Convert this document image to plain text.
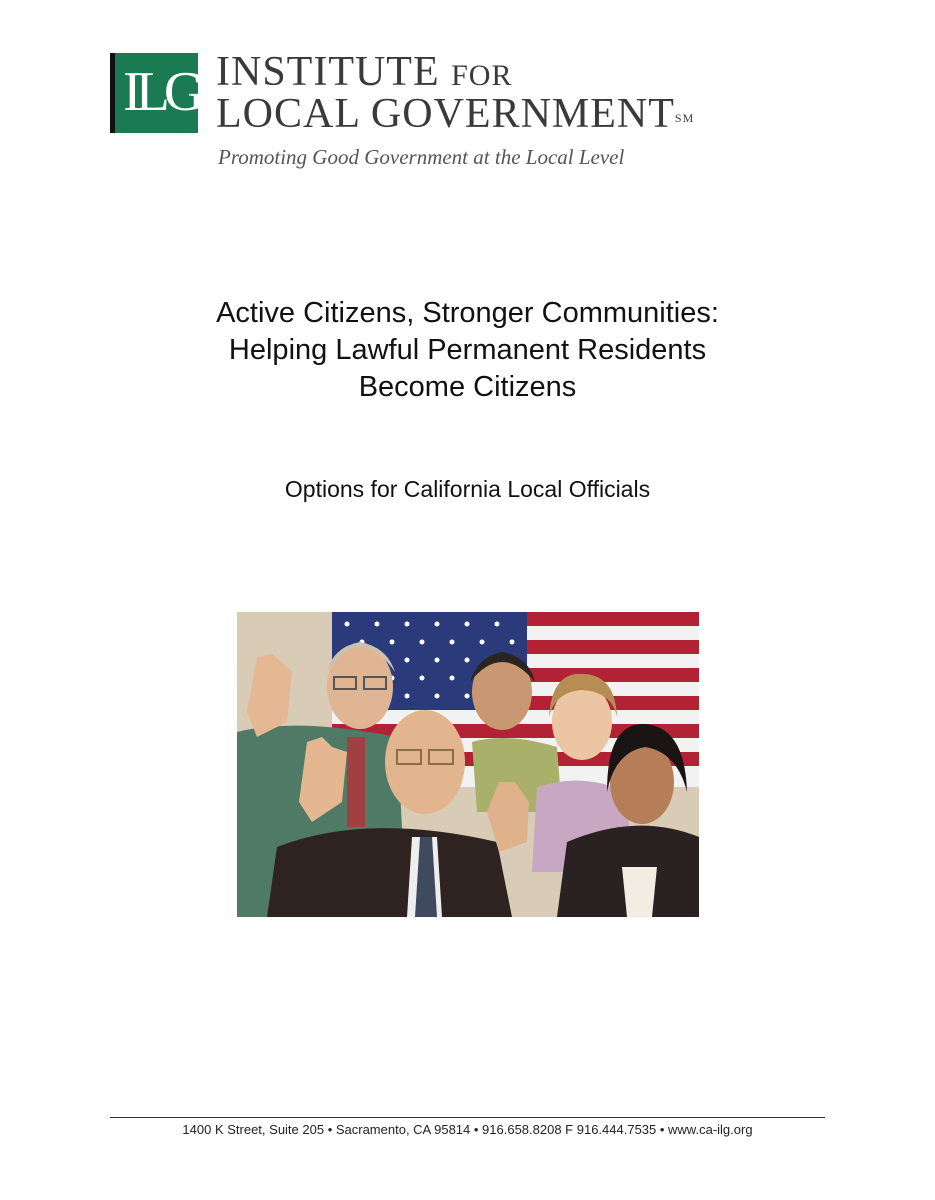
ILG INSTITUTE FOR
LOCAL GOVERNMENT℠
Promoting Good Government at the Local Level
Active Citizens, Stronger Communities:
Helping Lawful Permanent Residents
Become Citizens
Options for California Local Officials
1400 K Street, Suite 205 • Sacramento, CA 95814 • 916.658.8208 F 916.444.7535 • www.ca-ilg.org
